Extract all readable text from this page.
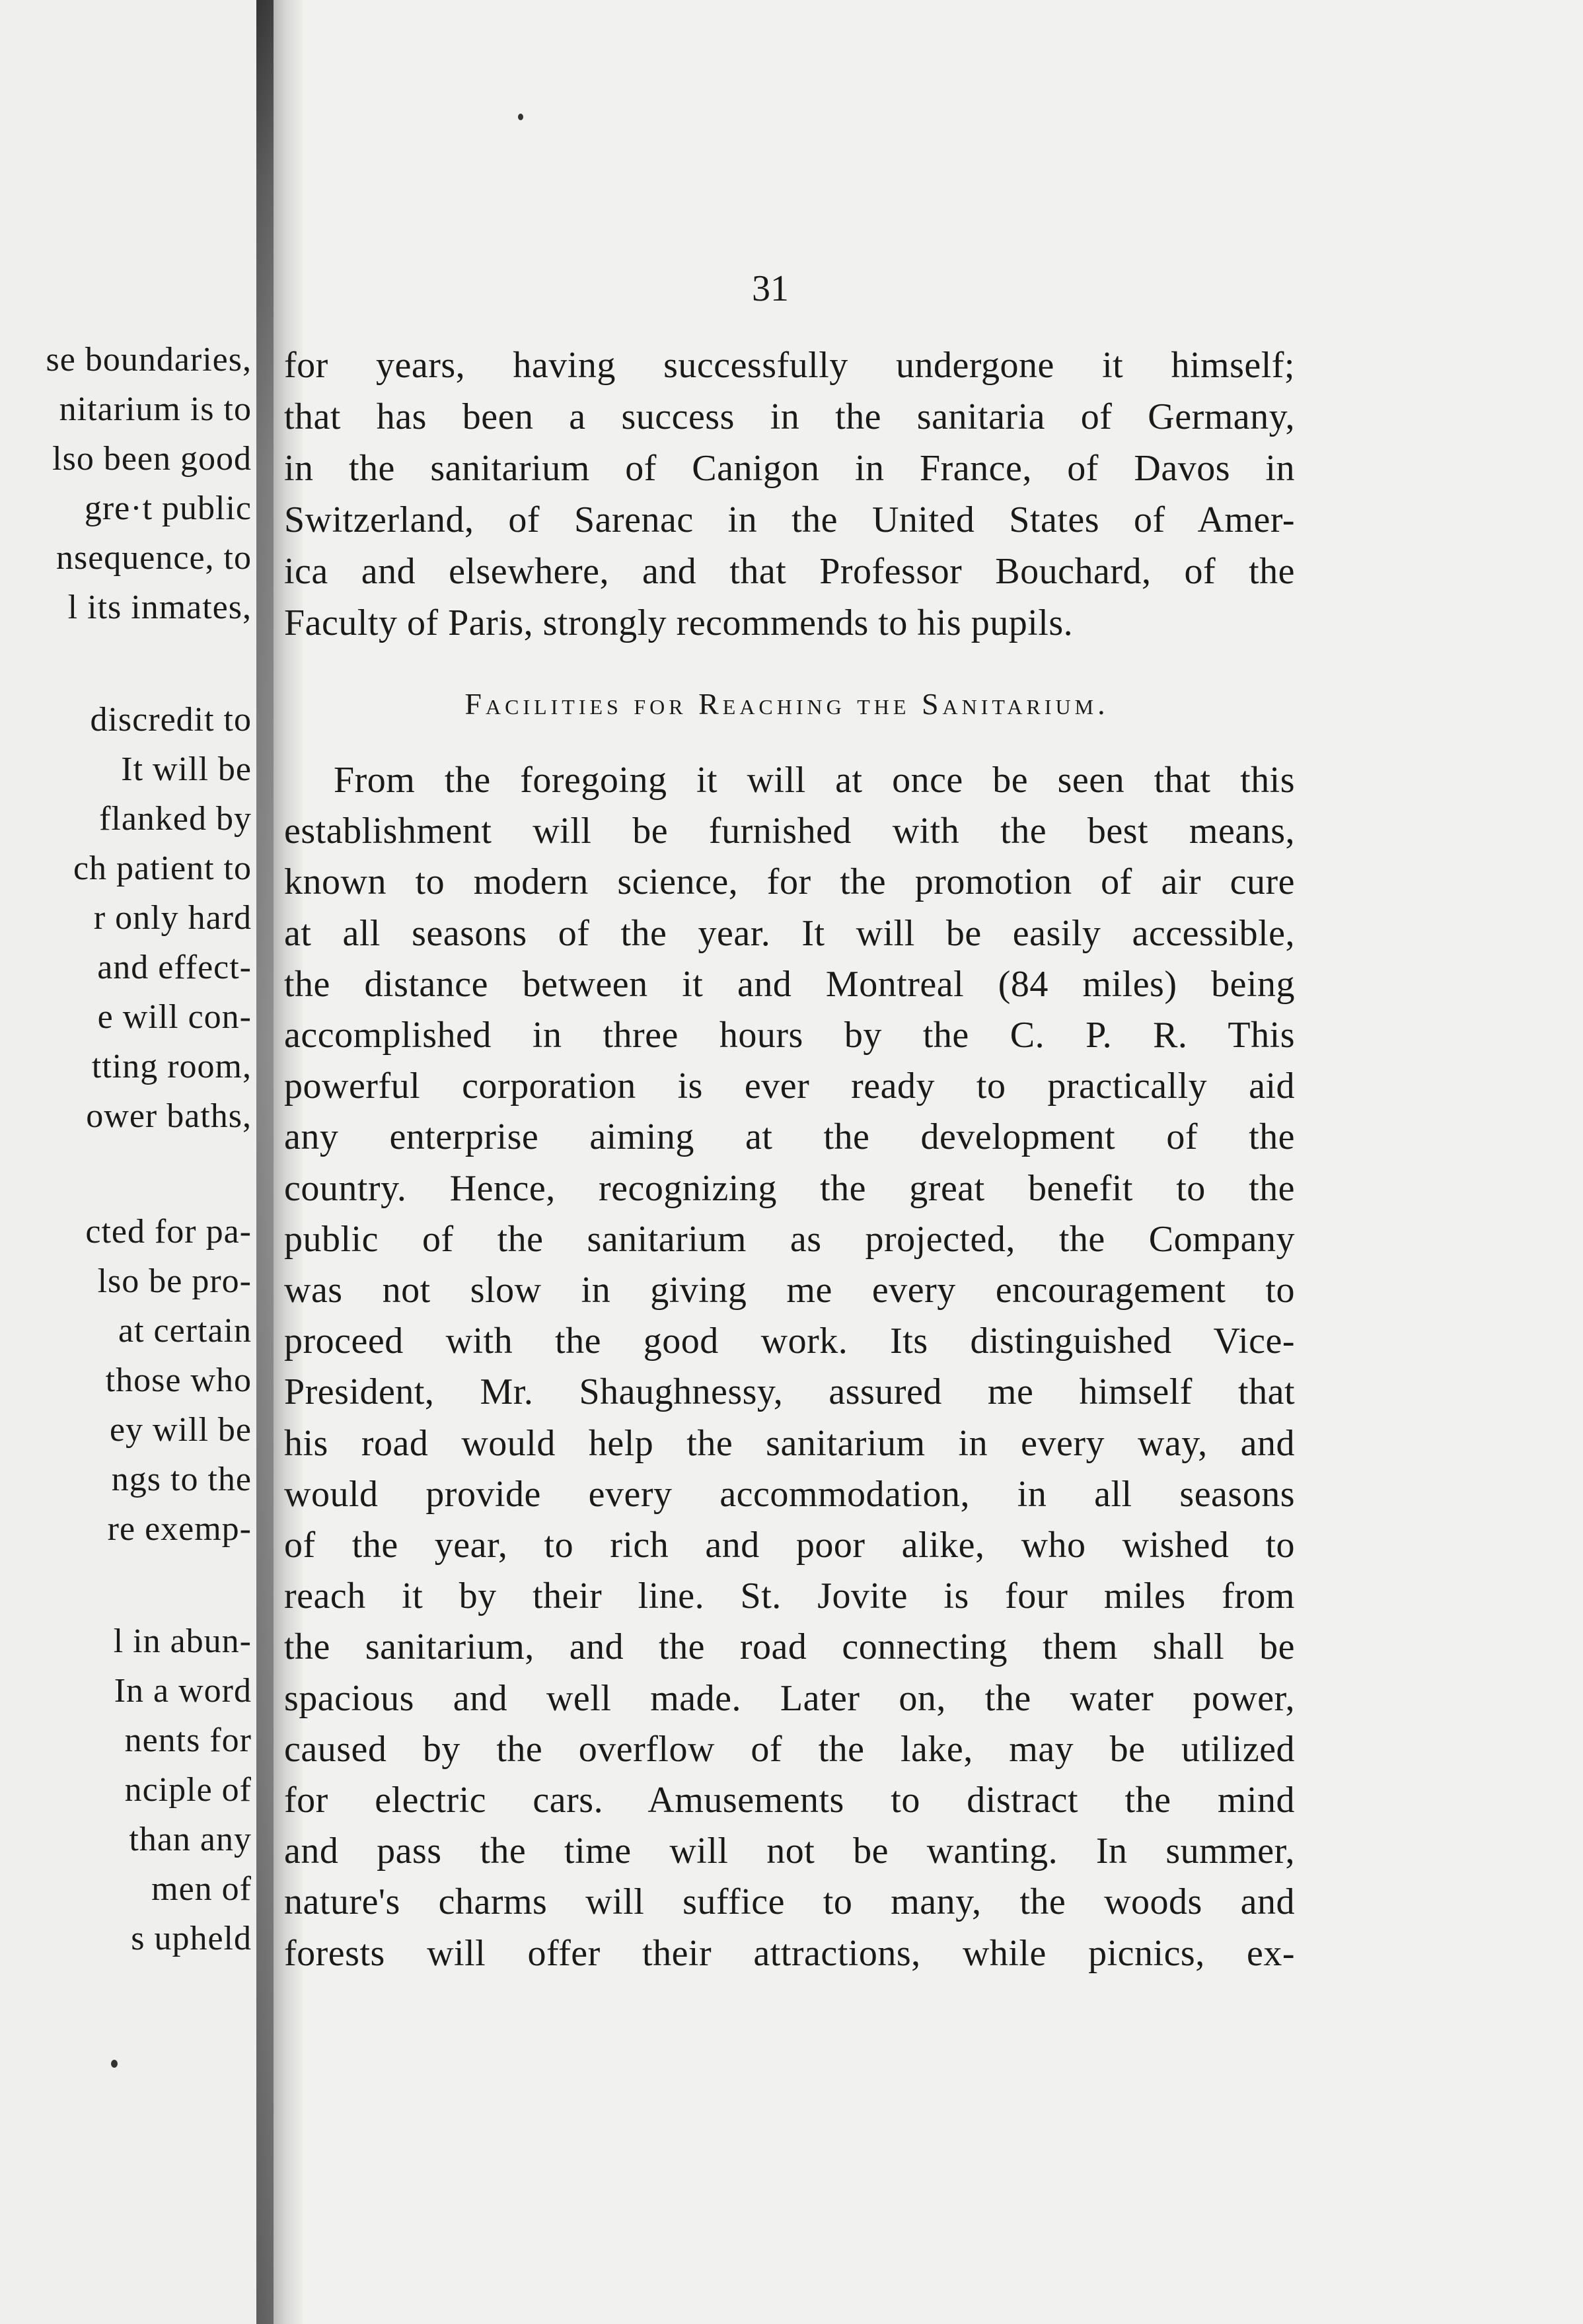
se boundaries,
nitarium is to
lso been good
gre·t public
nsequence, to
l its inmates,
discredit to
It will be
flanked by
ch patient to
r only hard
and effect-
e will con-
tting room,
ower baths,
cted for pa-
lso be pro-
at certain
those who
ey will be
ngs to the
re exemp-
l in abun-
In a word
nents for
nciple of
than any
men of
s upheld
31
for years, having successfully undergone it himself;
that has been a success in the sanitaria of Germany,
in the sanitarium of Canigon in France, of Davos in
Switzerland, of Sarenac in the United States of Amer-
ica and elsewhere, and that Professor Bouchard, of the
Faculty of Paris, strongly recommends to his pupils.
Facilities for Reaching the Sanitarium.
From the foregoing it will at once be seen that this
establishment will be furnished with the best means,
known to modern science, for the promotion of air cure
at all seasons of the year. It will be easily accessible,
the distance between it and Montreal (84 miles) being
accomplished in three hours by the C. P. R. This
powerful corporation is ever ready to practically aid
any enterprise aiming at the development of the
country. Hence, recognizing the great benefit to the
public of the sanitarium as projected, the Company
was not slow in giving me every encouragement to
proceed with the good work. Its distinguished Vice-
President, Mr. Shaughnessy, assured me himself that
his road would help the sanitarium in every way, and
would provide every accommodation, in all seasons
of the year, to rich and poor alike, who wished to
reach it by their line. St. Jovite is four miles from
the sanitarium, and the road connecting them shall be
spacious and well made. Later on, the water power,
caused by the overflow of the lake, may be utilized
for electric cars. Amusements to distract the mind
and pass the time will not be wanting. In summer,
nature's charms will suffice to many, the woods and
forests will offer their attractions, while picnics, ex-
